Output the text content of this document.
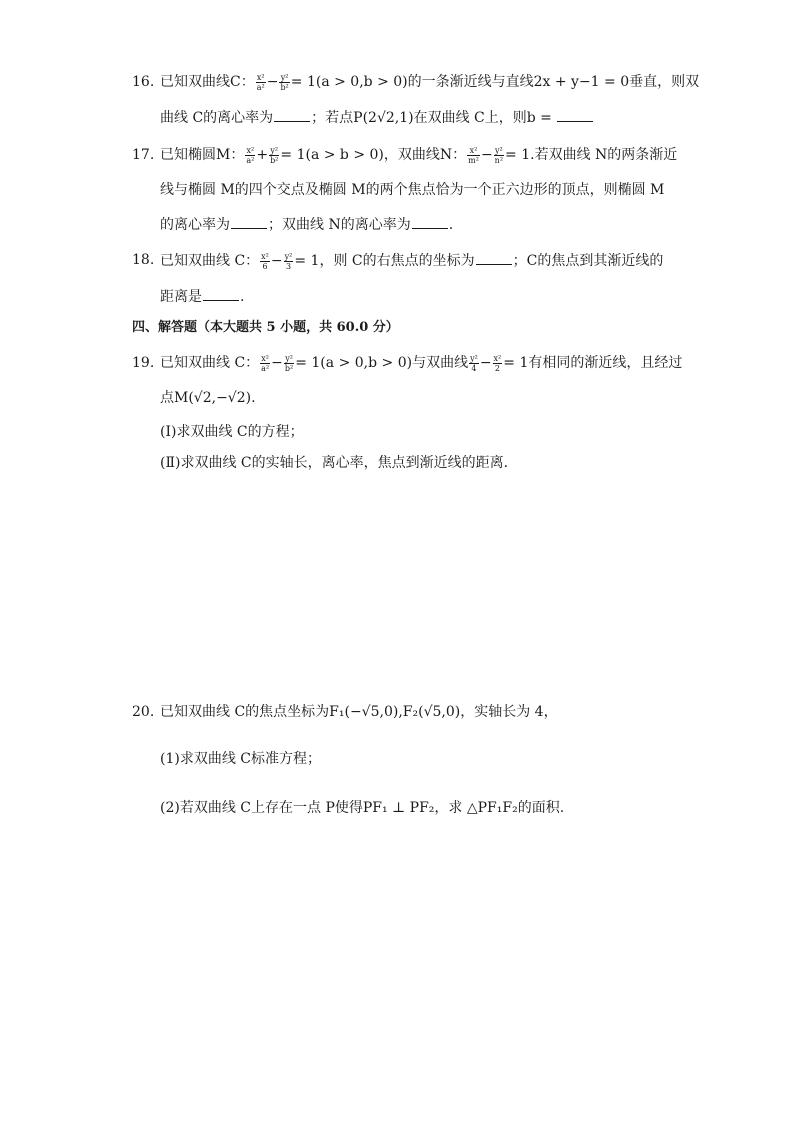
16. 已知双曲线C： $\frac{\text{x²}}{\text{a²}} - \frac{\text{y²}}{\text{b²}} = 1(a > 0,b > 0)$的一条渐近线与直线2x + y−1 = 0垂直，则双
曲线 C的离心率为	；若点P(2√2,1)在双曲线 C上，则b =
17. 已知椭圆M： $\frac{\text{x²}}{\text{a²}} + \frac{\text{y²}}{\text{b²}} = 1(a > b > 0)$，双曲线N： $\frac{\text{x²}}{\text{m²}} - \frac{\text{y²}}{\text{n²}} = 1$.若双曲线 N的两条渐近
线与椭圆 M的四个交点及椭圆 M的两个焦点恰为一个正六边形的顶点，则椭圆 M
的离心率为	；双曲线 N的离心率为	.
18. 已知双曲线 C： $\frac{\text{x²}}{6} - \frac{\text{y²}}{3} = 1$，则 C的右焦点的坐标为	；C的焦点到其渐近线的
距离是	.
四、解答题（本大题共 5 小题，共 60.0 分）
19. 已知双曲线 C： $\frac{\text{x²}}{\text{a²}} - \frac{\text{y²}}{\text{b²}} = 1(a > 0,b > 0)$与双曲线 $\frac{\text{y²}}{4} - \frac{\text{x²}}{2} = 1$有相同的渐近线，且经过
点M(√2,−√2).
(Ⅰ)求双曲线 C的方程；
(Ⅱ)求双曲线 C的实轴长，离心率，焦点到渐近线的距离.
20. 已知双曲线 C的焦点坐标为F₁(−√5,0),F₂(√5,0)，实轴长为 4，
(1)求双曲线 C标准方程；
(2)若双曲线 C上存在一点 P使得PF₁ ⊥ PF₂，求 △PF₁F₂的面积.
